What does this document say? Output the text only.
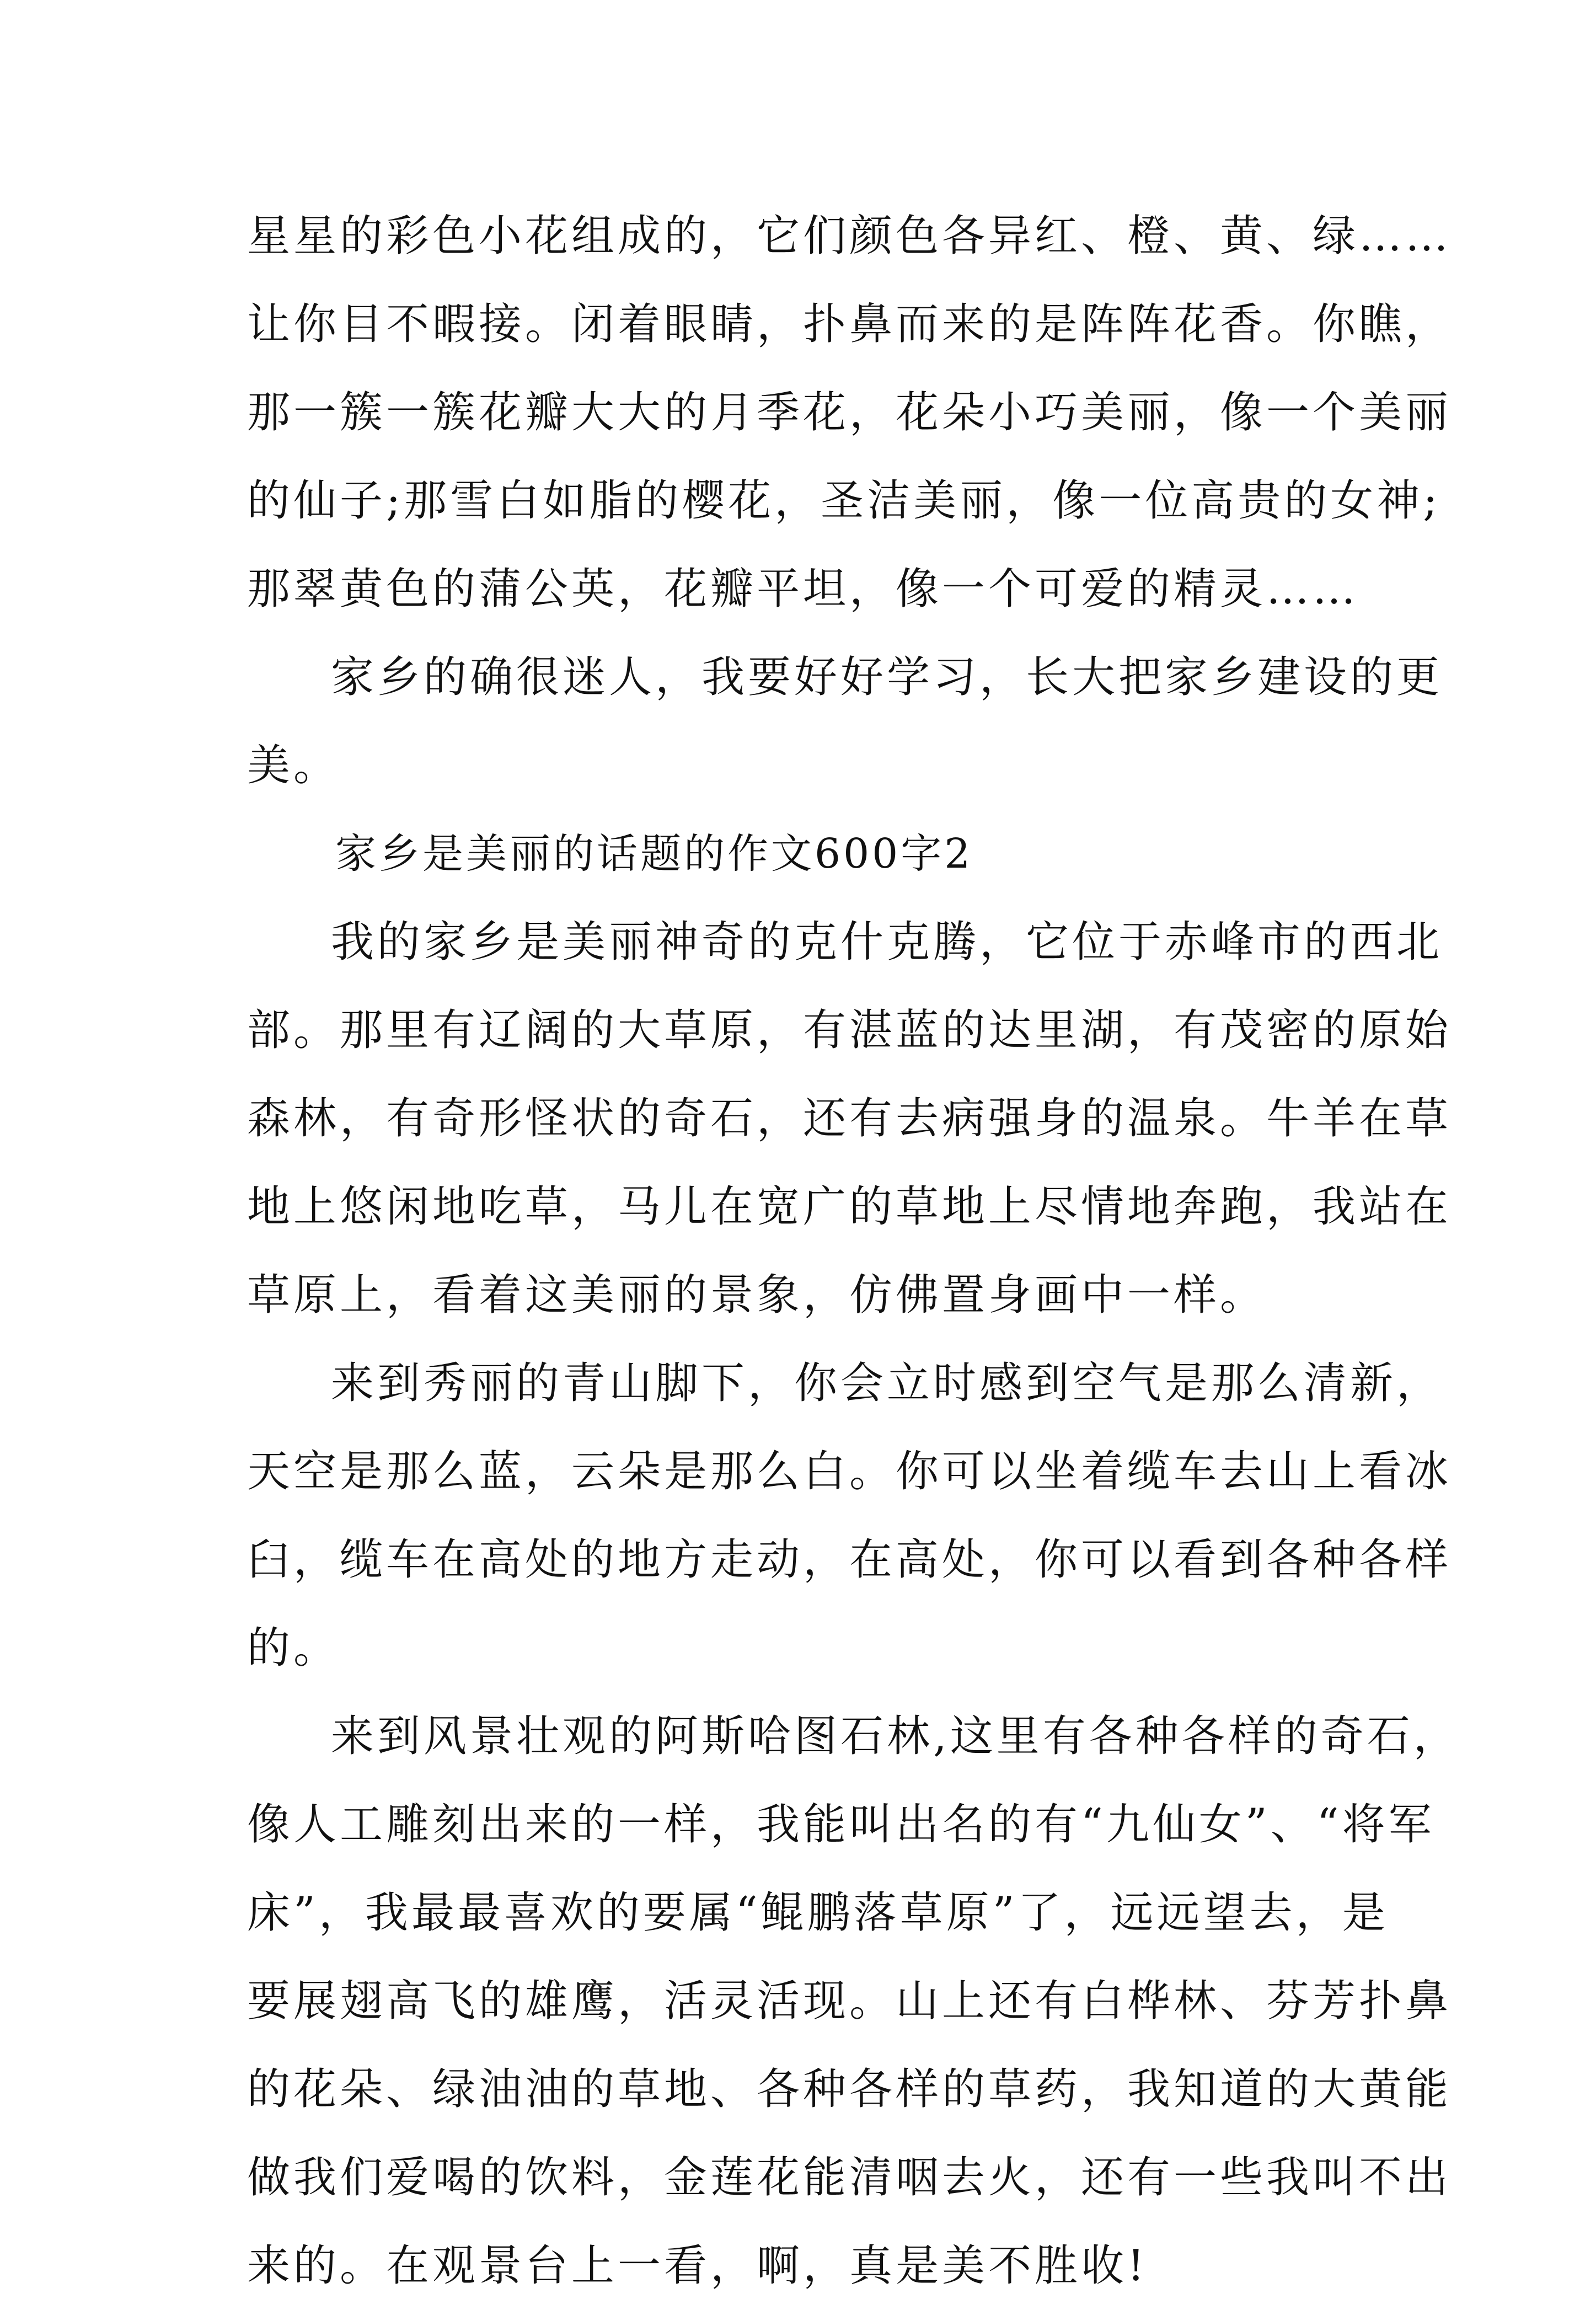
星星的彩色小花组成的，它们颜色各异红、橙、黄、绿……
让你目不暇接。闭着眼睛，扑鼻而来的是阵阵花香。你瞧，
那一簇一簇花瓣大大的月季花，花朵小巧美丽，像一个美丽
的仙子;那雪白如脂的樱花，圣洁美丽，像一位高贵的女神;
那翠黄色的蒲公英，花瓣平坦，像一个可爱的精灵……
家乡的确很迷人，我要好好学习，长大把家乡建设的更
美。
家乡是美丽的话题的作文600字2
我的家乡是美丽神奇的克什克腾，它位于赤峰市的西北
部。那里有辽阔的大草原，有湛蓝的达里湖，有茂密的原始
森林，有奇形怪状的奇石，还有去病强身的温泉。牛羊在草
地上悠闲地吃草，马儿在宽广的草地上尽情地奔跑，我站在
草原上，看着这美丽的景象，仿佛置身画中一样。
来到秀丽的青山脚下，你会立时感到空气是那么清新，
天空是那么蓝，云朵是那么白。你可以坐着缆车去山上看冰
臼，缆车在高处的地方走动，在高处，你可以看到各种各样
的。
来到风景壮观的阿斯哈图石林,这里有各种各样的奇石，
像人工雕刻出来的一样，我能叫出名的有“九仙女”、“将军
床”，我最最喜欢的要属“鲲鹏落草原”了，远远望去，是
要展翅高飞的雄鹰，活灵活现。山上还有白桦林、芬芳扑鼻
的花朵、绿油油的草地、各种各样的草药，我知道的大黄能
做我们爱喝的饮料，金莲花能清咽去火，还有一些我叫不出
来的。在观景台上一看，啊，真是美不胜收!
